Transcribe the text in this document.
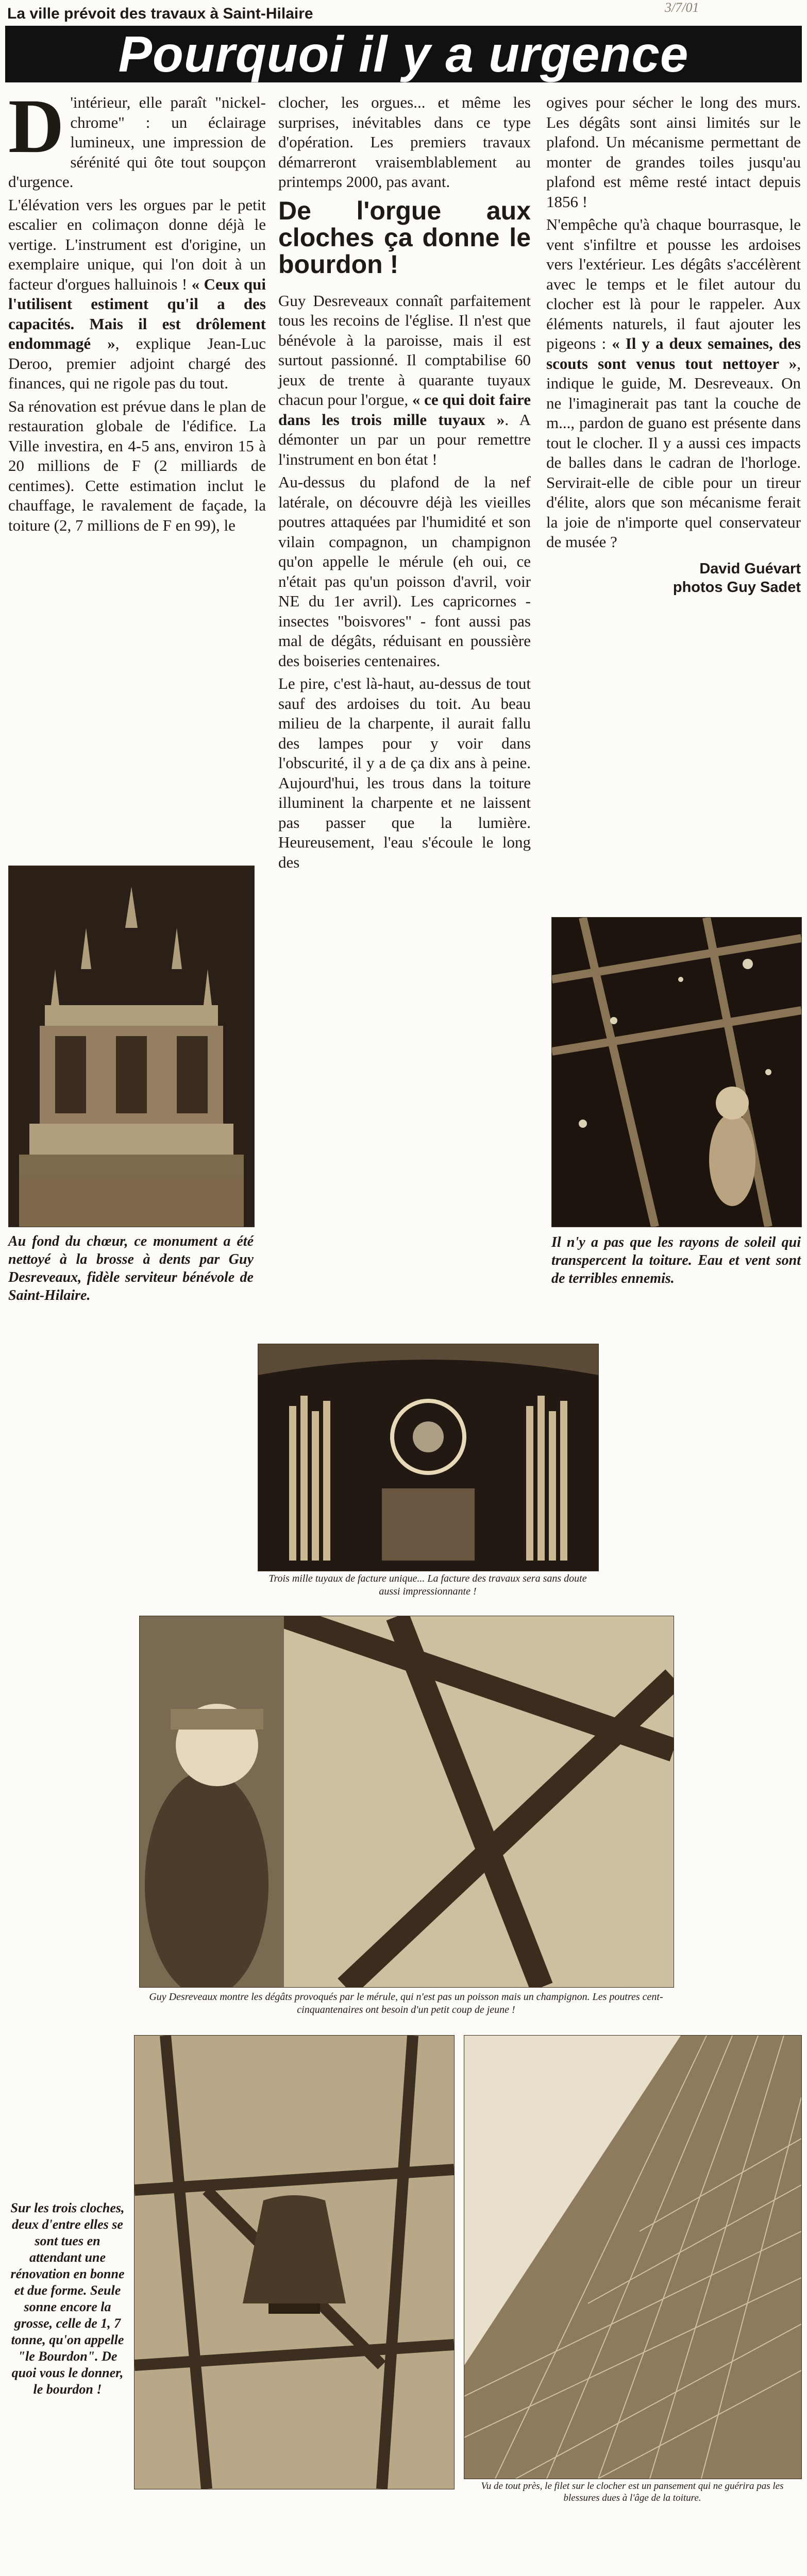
La ville prévoit des travaux à Saint-Hilaire	3/7/01
Pourquoi il y a urgence
D 'intérieur, elle paraît "nickel-chrome" : un éclairage lumineux, une impression de sérénité qui ôte tout soupçon d'urgence.

L'élévation vers les orgues par le petit escalier en colimaçon donne déjà le vertige. L'instrument est d'origine, un exemplaire unique, qui l'on doit à un facteur d'orgues halluinois ! « Ceux qui l'utilisent estiment qu'il a des capacités. Mais il est drôlement endommagé », explique Jean-Luc Deroo, premier adjoint chargé des finances, qui ne rigole pas du tout.

Sa rénovation est prévue dans le plan de restauration globale de l'édifice. La Ville investira, en 4-5 ans, environ 15 à 20 millions de F (2 milliards de centimes). Cette estimation inclut le chauffage, le ravalement de façade, la toiture (2, 7 millions de F en 99), le

Au fond du chœur, ce monument a été nettoyé à la brosse à dents par Guy Desreveaux, fidèle serviteur bénévole de Saint-Hilaire.

clocher, les orgues... et même les surprises, inévitables dans ce type d'opération. Les premiers travaux démarreront vraisemblablement au printemps 2000, pas avant.

De l'orgue aux cloches ça donne le bourdon !

Guy Desreveaux connaît parfaitement tous les recoins de l'église. Il n'est que bénévole à la paroisse, mais il est surtout passionné. Il comptabilise 60 jeux de trente à quarante tuyaux chacun pour l'orgue, « ce qui doit faire dans les trois mille tuyaux ». A démonter un par un pour remettre l'instrument en bon état !

Au-dessus du plafond de la nef latérale, on découvre déjà les vieilles poutres attaquées par l'humidité et son vilain compagnon, un champignon qu'on appelle le mérule (eh oui, ce n'était pas qu'un poisson d'avril, voir NE du 1er avril). Les capricornes - insectes "boisvores" - font aussi pas mal de dégâts, réduisant en poussière des boiseries centenaires.

Le pire, c'est là-haut, au-dessus de tout sauf des ardoises du toit. Au beau milieu de la charpente, il aurait fallu des lampes pour y voir dans l'obscurité, il y a de ça dix ans à peine. Aujourd'hui, les trous dans la toiture illuminent la charpente et ne laissent pas passer que la lumière. Heureusement, l'eau s'écoule le long des

ogives pour sécher le long des murs. Les dégâts sont ainsi limités sur le plafond. Un mécanisme permettant de monter de grandes toiles jusqu'au plafond est même resté intact depuis 1856 !

N'empêche qu'à chaque bourrasque, le vent s'infiltre et pousse les ardoises vers l'extérieur. Les dégâts s'accélèrent avec le temps et le filet autour du clocher est là pour le rappeler. Aux éléments naturels, il faut ajouter les pigeons : « Il y a deux semaines, des scouts sont venus tout nettoyer », indique le guide, M. Desreveaux. On ne l'imaginerait pas tant la couche de m..., pardon de guano est présente dans tout le clocher. Il y a aussi ces impacts de balles dans le cadran de l'horloge. Servirait-elle de cible pour un tireur d'élite, alors que son mécanisme ferait la joie de n'importe quel conservateur de musée ?

David Guévart
photos Guy Sadet
Il n'y a pas que les rayons de soleil qui transpercent la toiture. Eau et vent sont de terribles ennemis.
Trois mille tuyaux de facture unique... La facture des travaux sera sans doute aussi impressionnante !
Guy Desreveaux montre les dégâts provoqués par le mérule, qui n'est pas un poisson mais un champignon. Les poutres cent-cinquantenaires ont besoin d'un petit coup de jeune !
Sur les trois cloches, deux d'entre elles se sont tues en attendant une rénovation en bonne et due forme. Seule sonne encore la grosse, celle de 1, 7 tonne, qu'on appelle "le Bourdon". De quoi vous le donner, le bourdon !
Vu de tout près, le filet sur le clocher est un pansement qui ne guérira pas les blessures dues à l'âge de la toiture.
